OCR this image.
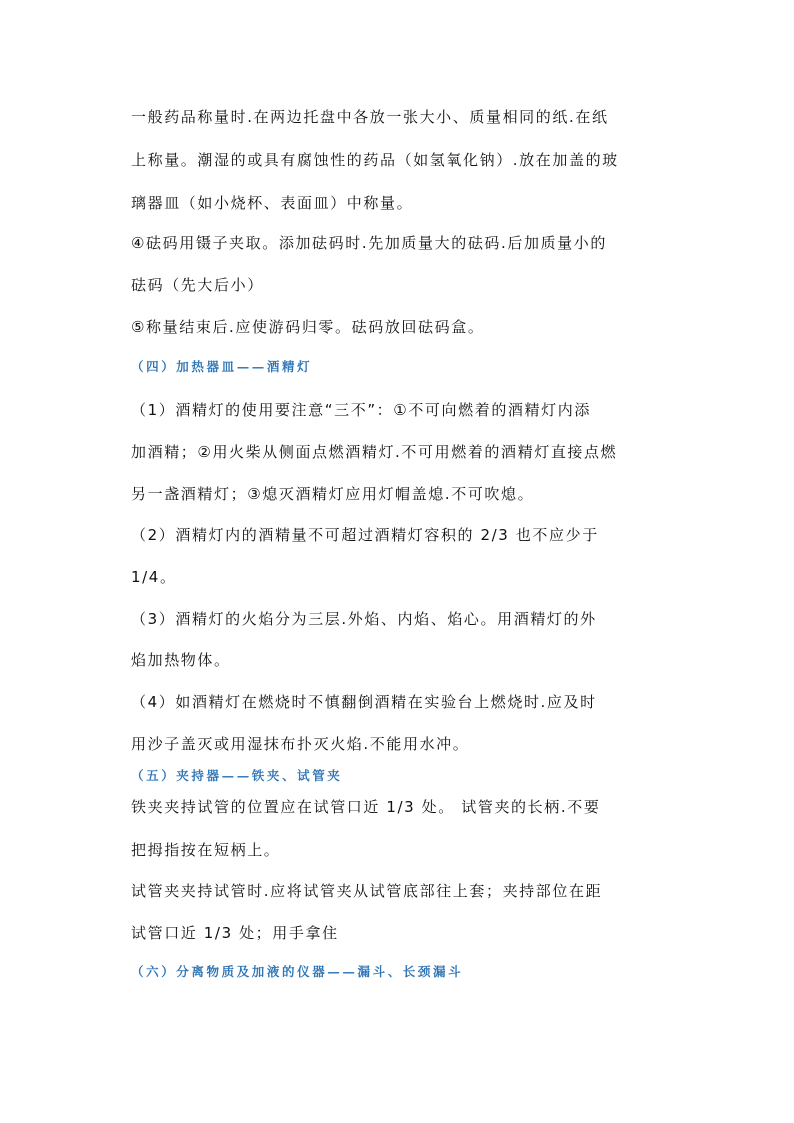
一般药品称量时.在两边托盘中各放一张大小、质量相同的纸.在纸
上称量。潮湿的或具有腐蚀性的药品（如氢氧化钠）.放在加盖的玻
璃器皿（如小烧杯、表面皿）中称量。
④砝码用镊子夹取。添加砝码时.先加质量大的砝码.后加质量小的
砝码（先大后小）
⑤称量结束后.应使游码归零。砝码放回砝码盒。
（四）加热器皿——酒精灯
（1）酒精灯的使用要注意“三不”：①不可向燃着的酒精灯内添
加酒精；②用火柴从侧面点燃酒精灯.不可用燃着的酒精灯直接点燃
另一盏酒精灯；③熄灭酒精灯应用灯帽盖熄.不可吹熄。
（2）酒精灯内的酒精量不可超过酒精灯容积的 2/3 也不应少于
1/4。
（3）酒精灯的火焰分为三层.外焰、内焰、焰心。用酒精灯的外
焰加热物体。
（4）如酒精灯在燃烧时不慎翻倒酒精在实验台上燃烧时.应及时
用沙子盖灭或用湿抹布扑灭火焰.不能用水冲。
（五）夹持器——铁夹、试管夹
铁夹夹持试管的位置应在试管口近 1/3 处。 试管夹的长柄.不要
把拇指按在短柄上。
试管夹夹持试管时.应将试管夹从试管底部往上套；夹持部位在距
试管口近 1/3 处；用手拿住
（六）分离物质及加液的仪器——漏斗、长颈漏斗
